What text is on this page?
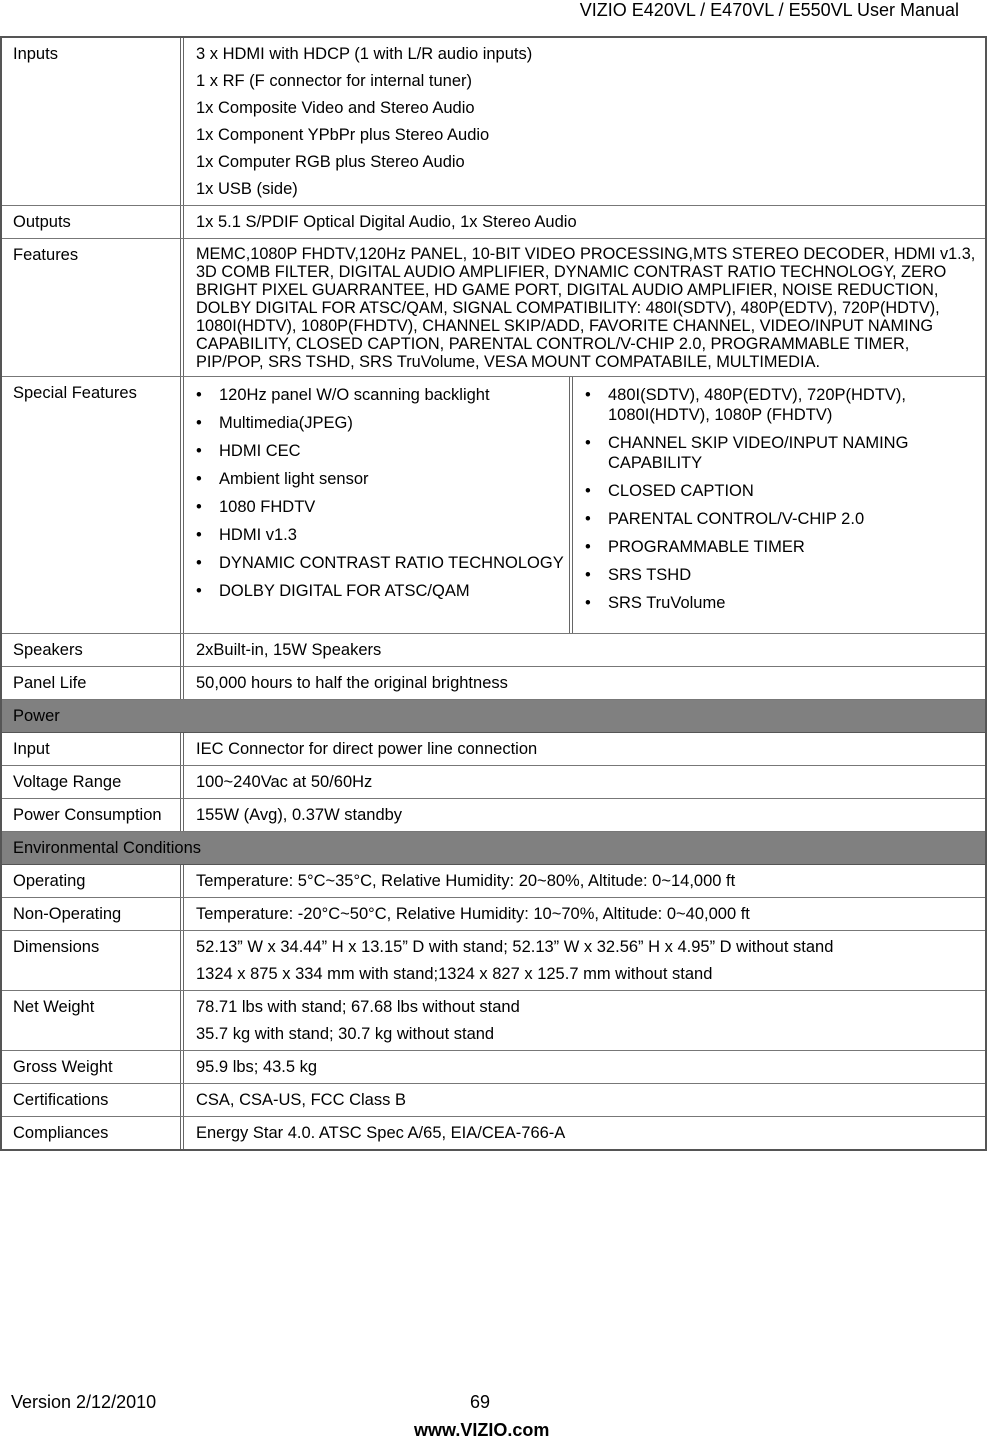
VIZIO E420VL / E470VL / E550VL User Manual
Inputs	3 x HDMI with HDCP (1 with L/R audio inputs)

1 x RF (F connector for internal tuner)

1x Composite Video and Stereo Audio

1x Component YPbPr plus Stereo Audio

1x Computer RGB plus Stereo Audio

1x USB (side)

Outputs	1x 5.1 S/PDIF Optical Digital Audio, 1x Stereo Audio
Features	MEMC,1080P FHDTV,120Hz PANEL, 10-BIT VIDEO PROCESSING,MTS STEREO DECODER, HDMI v1.3, 3D COMB FILTER, DIGITAL AUDIO AMPLIFIER, DYNAMIC CONTRAST RATIO TECHNOLOGY, ZERO BRIGHT PIXEL GUARRANTEE, HD GAME PORT, DIGITAL AUDIO AMPLIFIER, NOISE REDUCTION, DOLBY DIGITAL FOR ATSC/QAM, SIGNAL COMPATIBILITY: 480I(SDTV), 480P(EDTV), 720P(HDTV), 1080I(HDTV), 1080P(FHDTV), CHANNEL SKIP/ADD, FAVORITE CHANNEL, VIDEO/INPUT NAMING CAPABILITY, CLOSED CAPTION, PARENTAL CONTROL/V-CHIP 2.0, PROGRAMMABLE TIMER, PIP/POP, SRS TSHD, SRS TruVolume, VESA MOUNT COMPATABILE, MULTIMEDIA.
Special Features	• 120Hz panel W/O scanning backlight
• Multimedia(JPEG)
• HDMI CEC
• Ambient light sensor
• 1080 FHDTV
• HDMI v1.3
• DYNAMIC CONTRAST RATIO TECHNOLOGY
• DOLBY DIGITAL FOR ATSC/QAM
• 480I(SDTV), 480P(EDTV), 720P(HDTV), 1080I(HDTV), 1080P (FHDTV)
• CHANNEL SKIP VIDEO/INPUT NAMING CAPABILITY
• CLOSED CAPTION
• PARENTAL CONTROL/V-CHIP 2.0
• PROGRAMMABLE TIMER
• SRS TSHD
• SRS TruVolume
Speakers	2xBuilt-in, 15W Speakers
Panel Life	50,000 hours to half the original brightness
Power
Input	IEC Connector for direct power line connection
Voltage Range	100~240Vac at 50/60Hz
Power Consumption	155W (Avg), 0.37W standby
Environmental Conditions
Operating	Temperature: 5°C~35°C, Relative Humidity: 20~80%, Altitude: 0~14,000 ft
Non-Operating	Temperature: -20°C~50°C, Relative Humidity: 10~70%, Altitude: 0~40,000 ft
Dimensions	52.13” W x 34.44” H x 13.15” D with stand; 52.13” W x 32.56” H x 4.95” D without stand

1324 x 875 x 334 mm with stand;1324 x 827 x 125.7 mm without stand

Net Weight	78.71 lbs with stand; 67.68 lbs without stand

35.7 kg with stand; 30.7 kg without stand

Gross Weight	95.9 lbs; 43.5 kg
Certifications	CSA, CSA-US, FCC Class B
Compliances	Energy Star 4.0. ATSC Spec A/65, EIA/CEA-766-A
Version 2/12/2010	69
www.VIZIO.com
